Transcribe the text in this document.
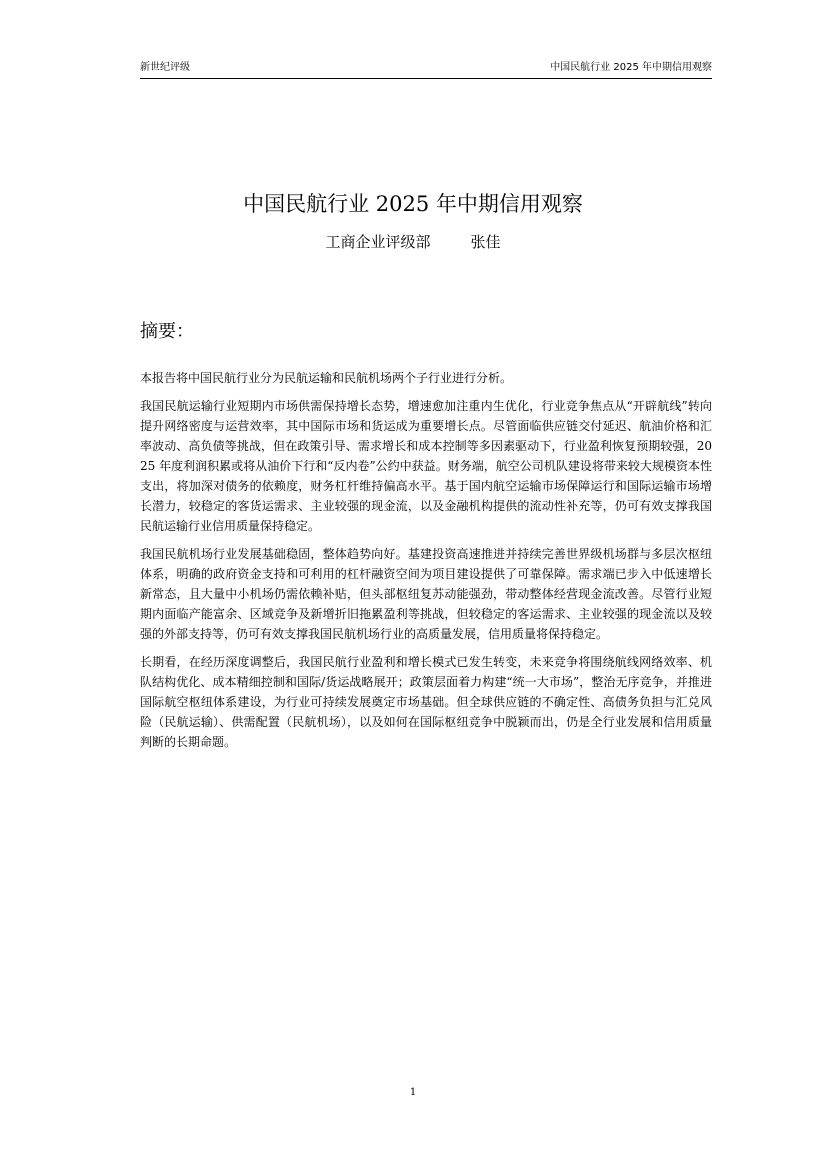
新世纪评级	中国民航行业 2025 年中期信用观察
中国民航行业 2025 年中期信用观察
工商企业评级部	张佳
摘要：

本报告将中国民航行业分为民航运输和民航机场两个子行业进行分析。

我国民航运输行业短期内市场供需保持增长态势，增速愈加注重内生优化，行业竞争焦点从“开辟航线”转向提升网络密度与运营效率，其中国际市场和货运成为重要增长点。尽管面临供应链交付延迟、航油价格和汇率波动、高负债等挑战，但在政策引导、需求增长和成本控制等多因素驱动下，行业盈利恢复预期较强，2025 年度利润积累或将从油价下行和“反内卷”公约中获益。财务端，航空公司机队建设将带来较大规模资本性支出，将加深对债务的依赖度，财务杠杆维持偏高水平。基于国内航空运输市场保障运行和国际运输市场增长潜力，较稳定的客货运需求、主业较强的现金流，以及金融机构提供的流动性补充等，仍可有效支撑我国民航运输行业信用质量保持稳定。

我国民航机场行业发展基础稳固，整体趋势向好。基建投资高速推进并持续完善世界级机场群与多层次枢纽体系，明确的政府资金支持和可利用的杠杆融资空间为项目建设提供了可靠保障。需求端已步入中低速增长新常态，且大量中小机场仍需依赖补贴，但头部枢纽复苏动能强劲，带动整体经营现金流改善。尽管行业短期内面临产能富余、区域竞争及新增折旧拖累盈利等挑战，但较稳定的客运需求、主业较强的现金流以及较强的外部支持等，仍可有效支撑我国民航机场行业的高质量发展，信用质量将保持稳定。

长期看，在经历深度调整后，我国民航行业盈利和增长模式已发生转变，未来竞争将围绕航线网络效率、机队结构优化、成本精细控制和国际/货运战略展开；政策层面着力构建“统一大市场”，整治无序竞争，并推进国际航空枢纽体系建设，为行业可持续发展奠定市场基础。但全球供应链的不确定性、高债务负担与汇兑风险（民航运输）、供需配置（民航机场），以及如何在国际枢纽竞争中脱颖而出，仍是全行业发展和信用质量判断的长期命题。

1
